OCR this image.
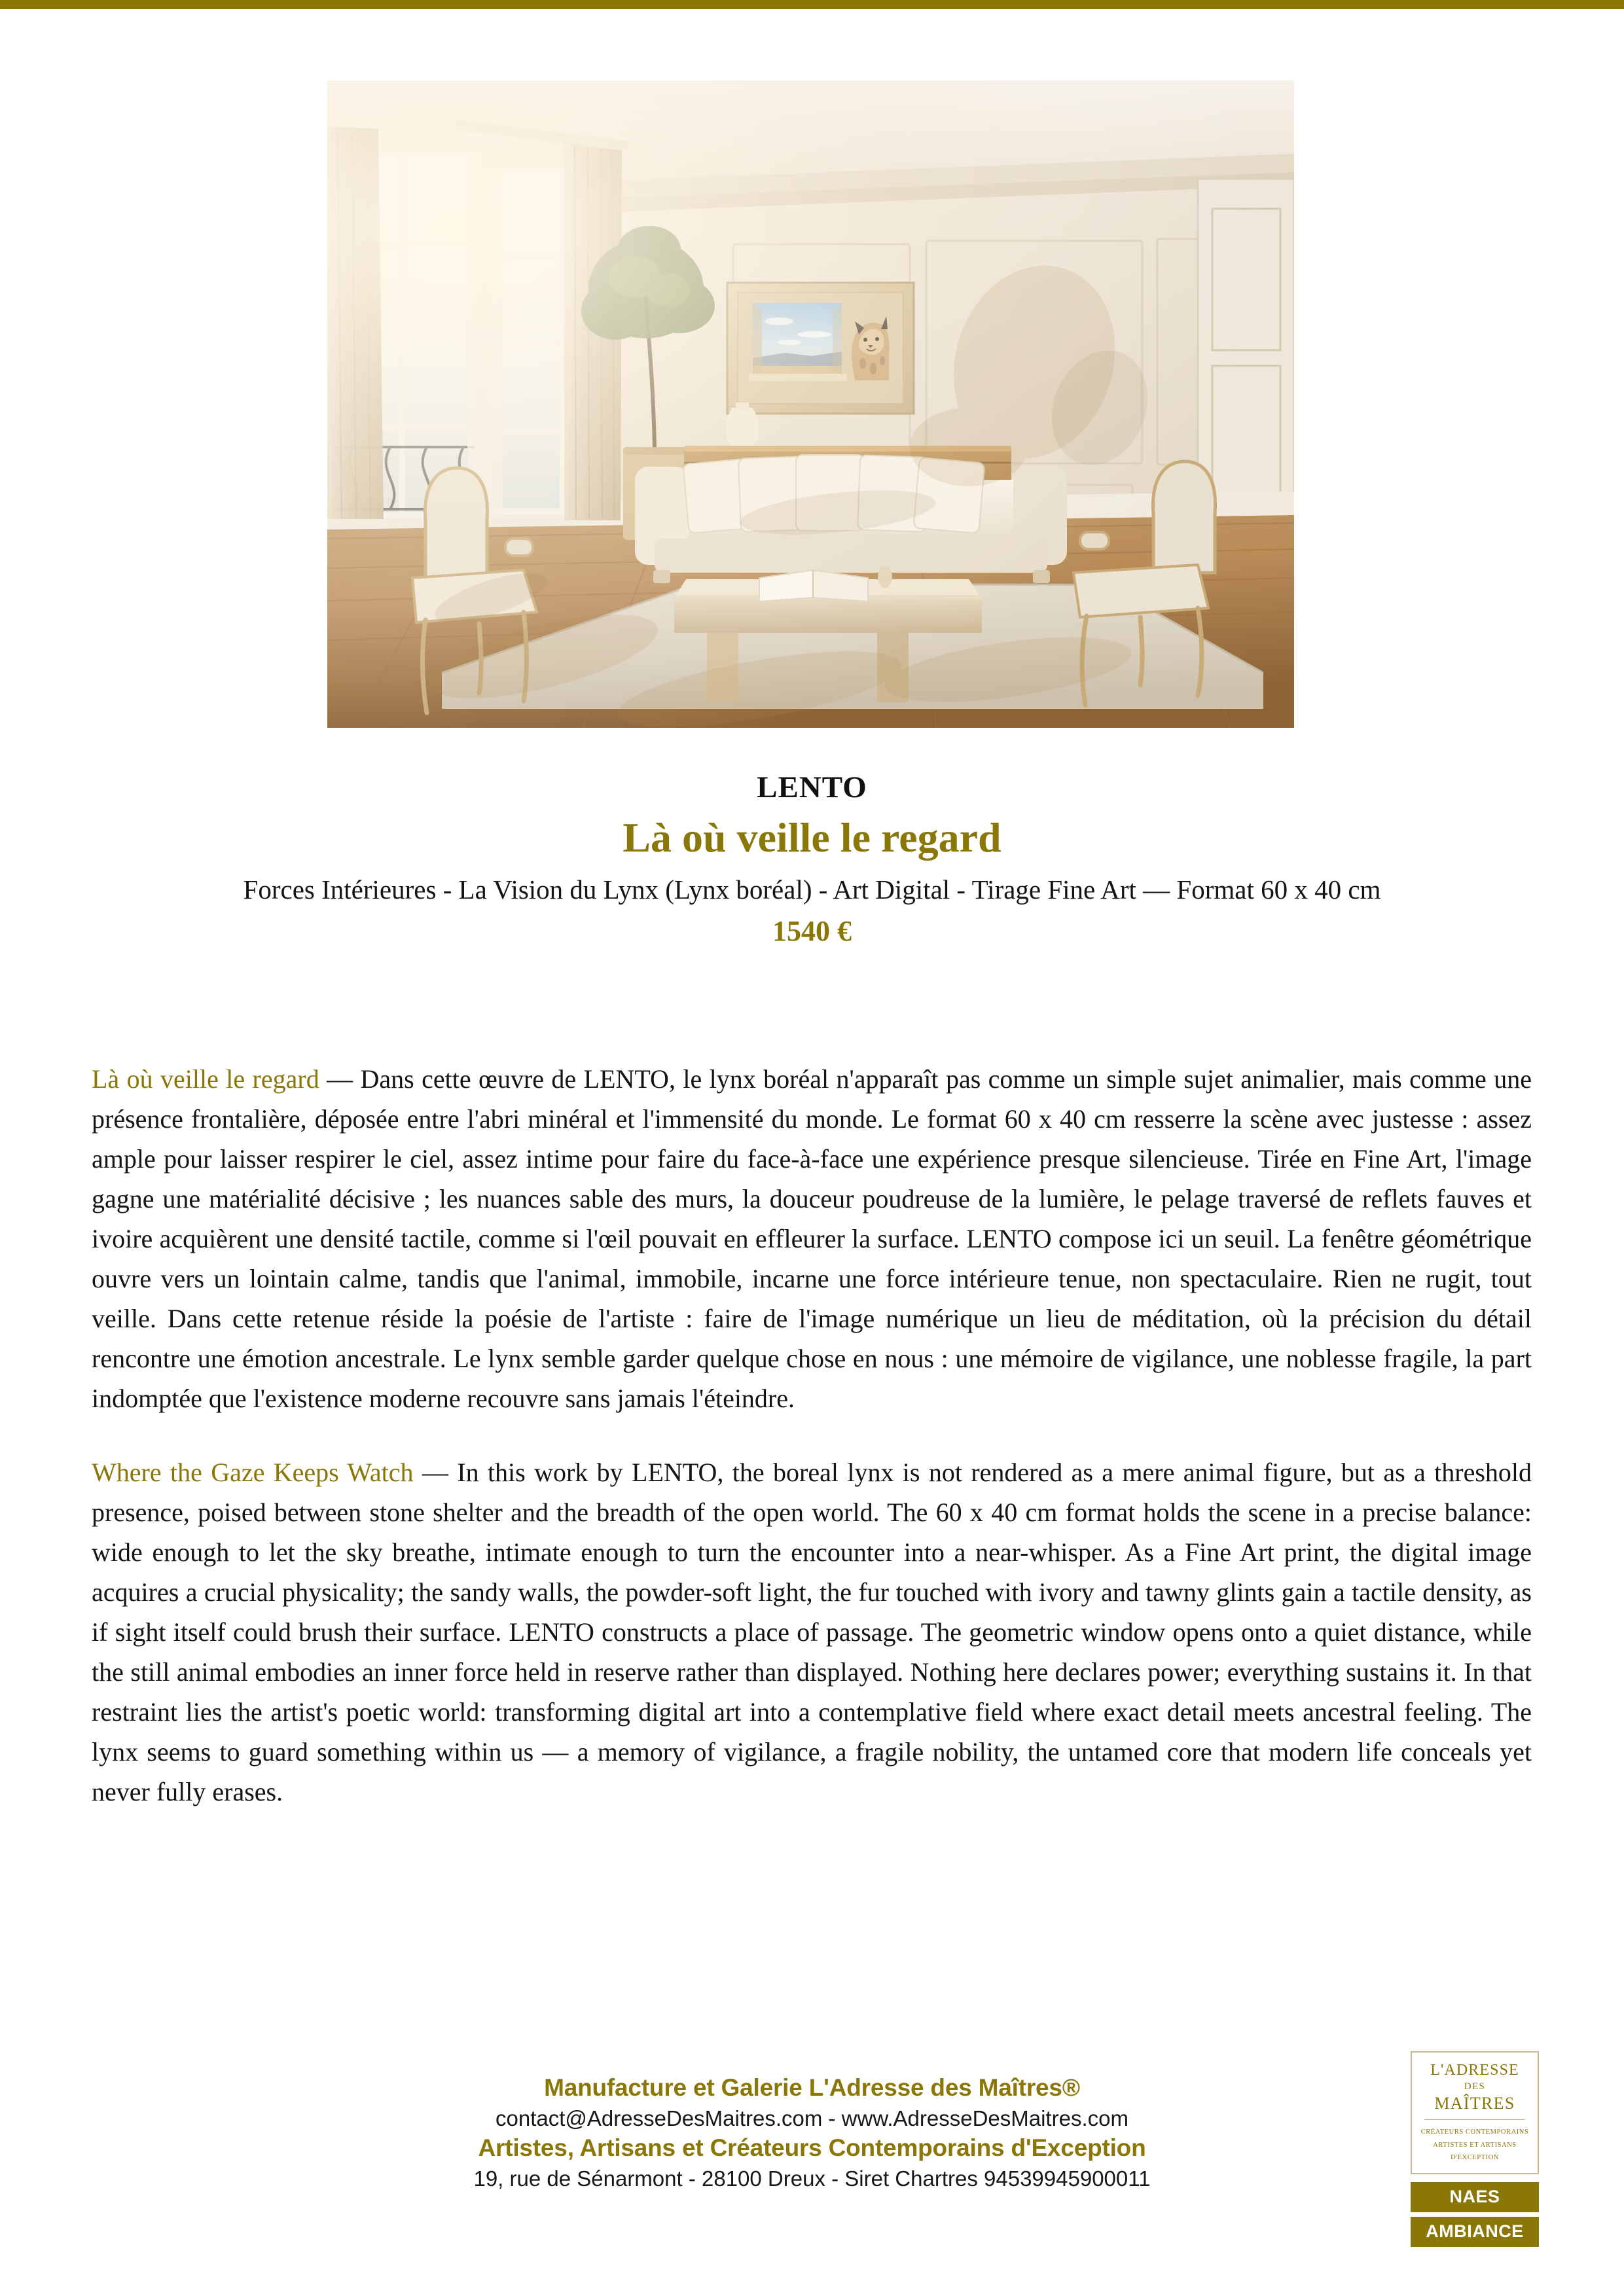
LENTO
Là où veille le regard
Forces Intérieures - La Vision du Lynx (Lynx boréal) - Art Digital - Tirage Fine Art — Format 60 x 40 cm
1540 €

Là où veille le regard — Dans cette œuvre de LENTO, le lynx boréal n'apparaît pas comme un simple sujet animalier, mais comme une présence frontalière, déposée entre l'abri minéral et l'immensité du monde. Le format 60 x 40 cm resserre la scène avec justesse : assez ample pour laisser respirer le ciel, assez intime pour faire du face-à-face une expérience presque silencieuse. Tirée en Fine Art, l'image gagne une matérialité décisive ; les nuances sable des murs, la douceur poudreuse de la lumière, le pelage traversé de reflets fauves et ivoire acquièrent une densité tactile, comme si l'œil pouvait en effleurer la surface. LENTO compose ici un seuil. La fenêtre géométrique ouvre vers un lointain calme, tandis que l'animal, immobile, incarne une force intérieure tenue, non spectaculaire. Rien ne rugit, tout veille. Dans cette retenue réside la poésie de l'artiste : faire de l'image numérique un lieu de méditation, où la précision du détail rencontre une émotion ancestrale. Le lynx semble garder quelque chose en nous : une mémoire de vigilance, une noblesse fragile, la part indomptée que l'existence moderne recouvre sans jamais l'éteindre.

Where the Gaze Keeps Watch — In this work by LENTO, the boreal lynx is not rendered as a mere animal figure, but as a threshold presence, poised between stone shelter and the breadth of the open world. The 60 x 40 cm format holds the scene in a precise balance: wide enough to let the sky breathe, intimate enough to turn the encounter into a near-whisper. As a Fine Art print, the digital image acquires a crucial physicality; the sandy walls, the powder-soft light, the fur touched with ivory and tawny glints gain a tactile density, as if sight itself could brush their surface. LENTO constructs a place of passage. The geometric window opens onto a quiet distance, while the still animal embodies an inner force held in reserve rather than displayed. Nothing here declares power; everything sustains it. In that restraint lies the artist's poetic world: transforming digital art into a contemplative field where exact detail meets ancestral feeling. The lynx seems to guard something within us — a memory of vigilance, a fragile nobility, the untamed core that modern life conceals yet never fully erases.

Manufacture et Galerie L'Adresse des Maîtres®
contact@AdresseDesMaitres.com - www.AdresseDesMaitres.com
Artistes, Artisans et Créateurs Contemporains d'Exception
19, rue de Sénarmont - 28100 Dreux - Siret Chartres 94539945900011
L'ADRESSE
DES
MAÎTRES
CRÉATEURS CONTEMPORAINS
ARTISTES ET ARTISANS
D'EXCEPTION
NAES
AMBIANCE
